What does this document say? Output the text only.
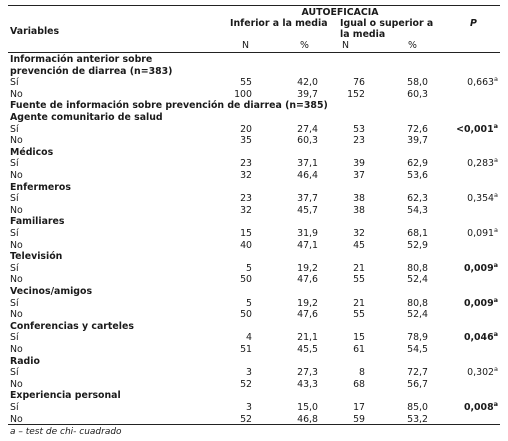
AUTOEFICACIA
Variables
Inferior a la media Igual o superior a
la media
P
N	%	N	%
Información anterior sobre
prevención de diarrea (n=383)
Sí	55	42,0	76	58,0	0,663$^a$
No	100	39,7	152	60,3
Fuente de información sobre prevención de diarrea (n=385)
Agente comunitario de salud
Sí	20	27,4	53	72,6	<0,001$^a$
No	35	60,3	23	39,7
Médicos
Sí	23	37,1	39	62,9	0,283$^a$
No	32	46,4	37	53,6
Enfermeros
Sí	23	37,7	38	62,3	0,354$^a$
No	32	45,7	38	54,3
Familiares
Sí	15	31,9	32	68,1	0,091$^a$
No	40	47,1	45	52,9
Televisión
Sí	5	19,2	21	80,8	0,009$^a$
No	50	47,6	55	52,4
Vecinos/amigos
Sí	5	19,2	21	80,8	0,009$^a$
No	50	47,6	55	52,4
Conferencias y carteles
Sí	4	21,1	15	78,9	0,046$^a$
No	51	45,5	61	54,5
Radio
Sí	3	27,3	8	72,7	0,302$^a$
No	52	43,3	68	56,7
Experiencia personal
Sí	3	15,0	17	85,0	0,008$^a$
No	52	46,8	59	53,2
a – test de chi- cuadrado
